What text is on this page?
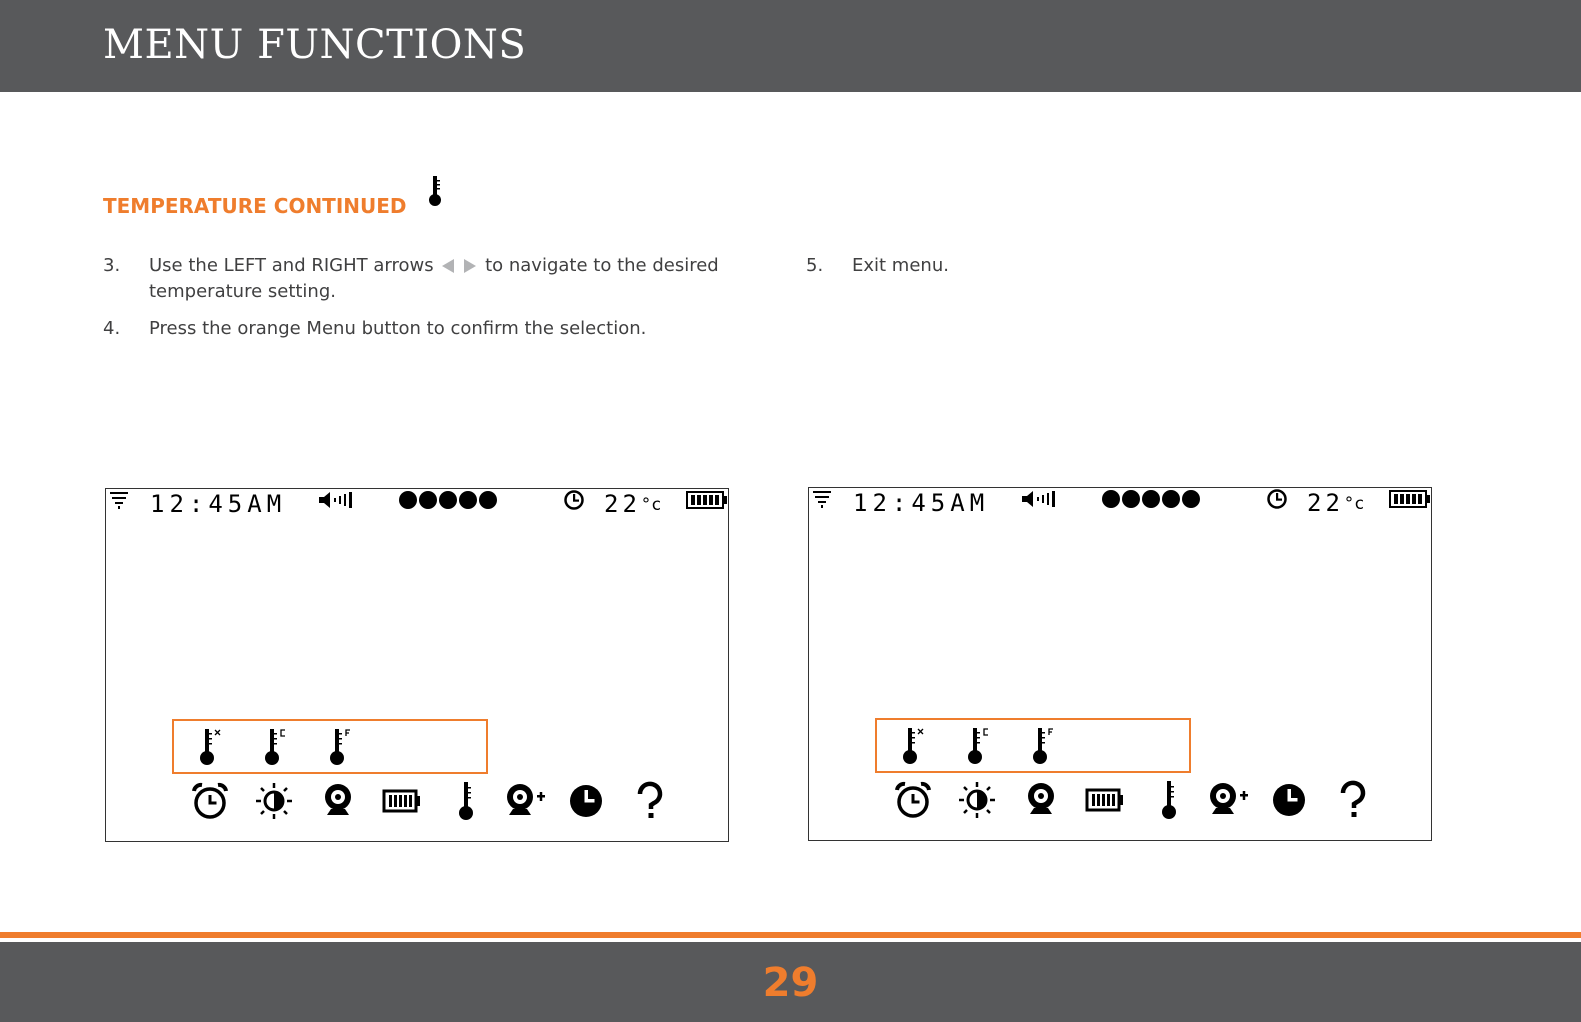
MENU FUNCTIONS
TEMPERATURE CONTINUED
3. Use the LEFT and RIGHT arrows	to navigate to the desired temperature setting.
4. Press the orange Menu button to confirm the selection.
5. Exit menu.
12:45AM	22°c	12:45AM	22°c
29
